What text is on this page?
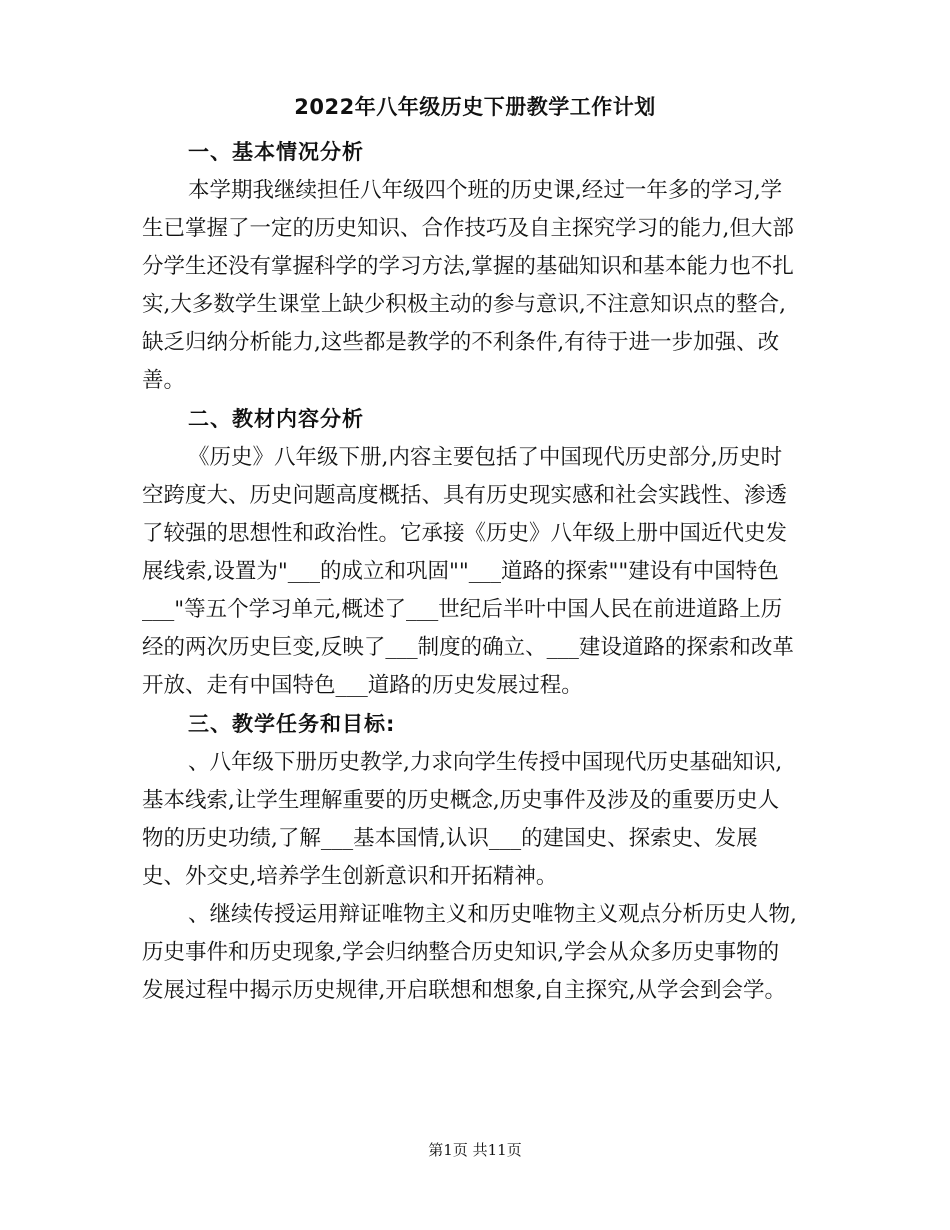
2022年八年级历史下册教学工作计划
一、基本情况分析
本学期我继续担任八年级四个班的历史课,经过一年多的学习,学
生已掌握了一定的历史知识、合作技巧及自主探究学习的能力,但大部
分学生还没有掌握科学的学习方法,掌握的基础知识和基本能力也不扎
实,大多数学生课堂上缺少积极主动的参与意识,不注意知识点的整合,
缺乏归纳分析能力,这些都是教学的不利条件,有待于进一步加强、改
善。
二、教材内容分析
《历史》八年级下册,内容主要包括了中国现代历史部分,历史时
空跨度大、历史问题高度概括、具有历史现实感和社会实践性、渗透
了较强的思想性和政治性。它承接《历史》八年级上册中国近代史发
展线索,设置为"___的成立和巩固""___道路的探索""建设有中国特色
___"等五个学习单元,概述了___世纪后半叶中国人民在前进道路上历
经的两次历史巨变,反映了___制度的确立、___建设道路的探索和改革
开放、走有中国特色___道路的历史发展过程。
三、教学任务和目标:
、八年级下册历史教学,力求向学生传授中国现代历史基础知识,
基本线索,让学生理解重要的历史概念,历史事件及涉及的重要历史人
物的历史功绩,了解___基本国情,认识___的建国史、探索史、发展
史、外交史,培养学生创新意识和开拓精神。
、继续传授运用辩证唯物主义和历史唯物主义观点分析历史人物,
历史事件和历史现象,学会归纳整合历史知识,学会从众多历史事物的
发展过程中揭示历史规律,开启联想和想象,自主探究,从学会到会学。
第1页 共11页
